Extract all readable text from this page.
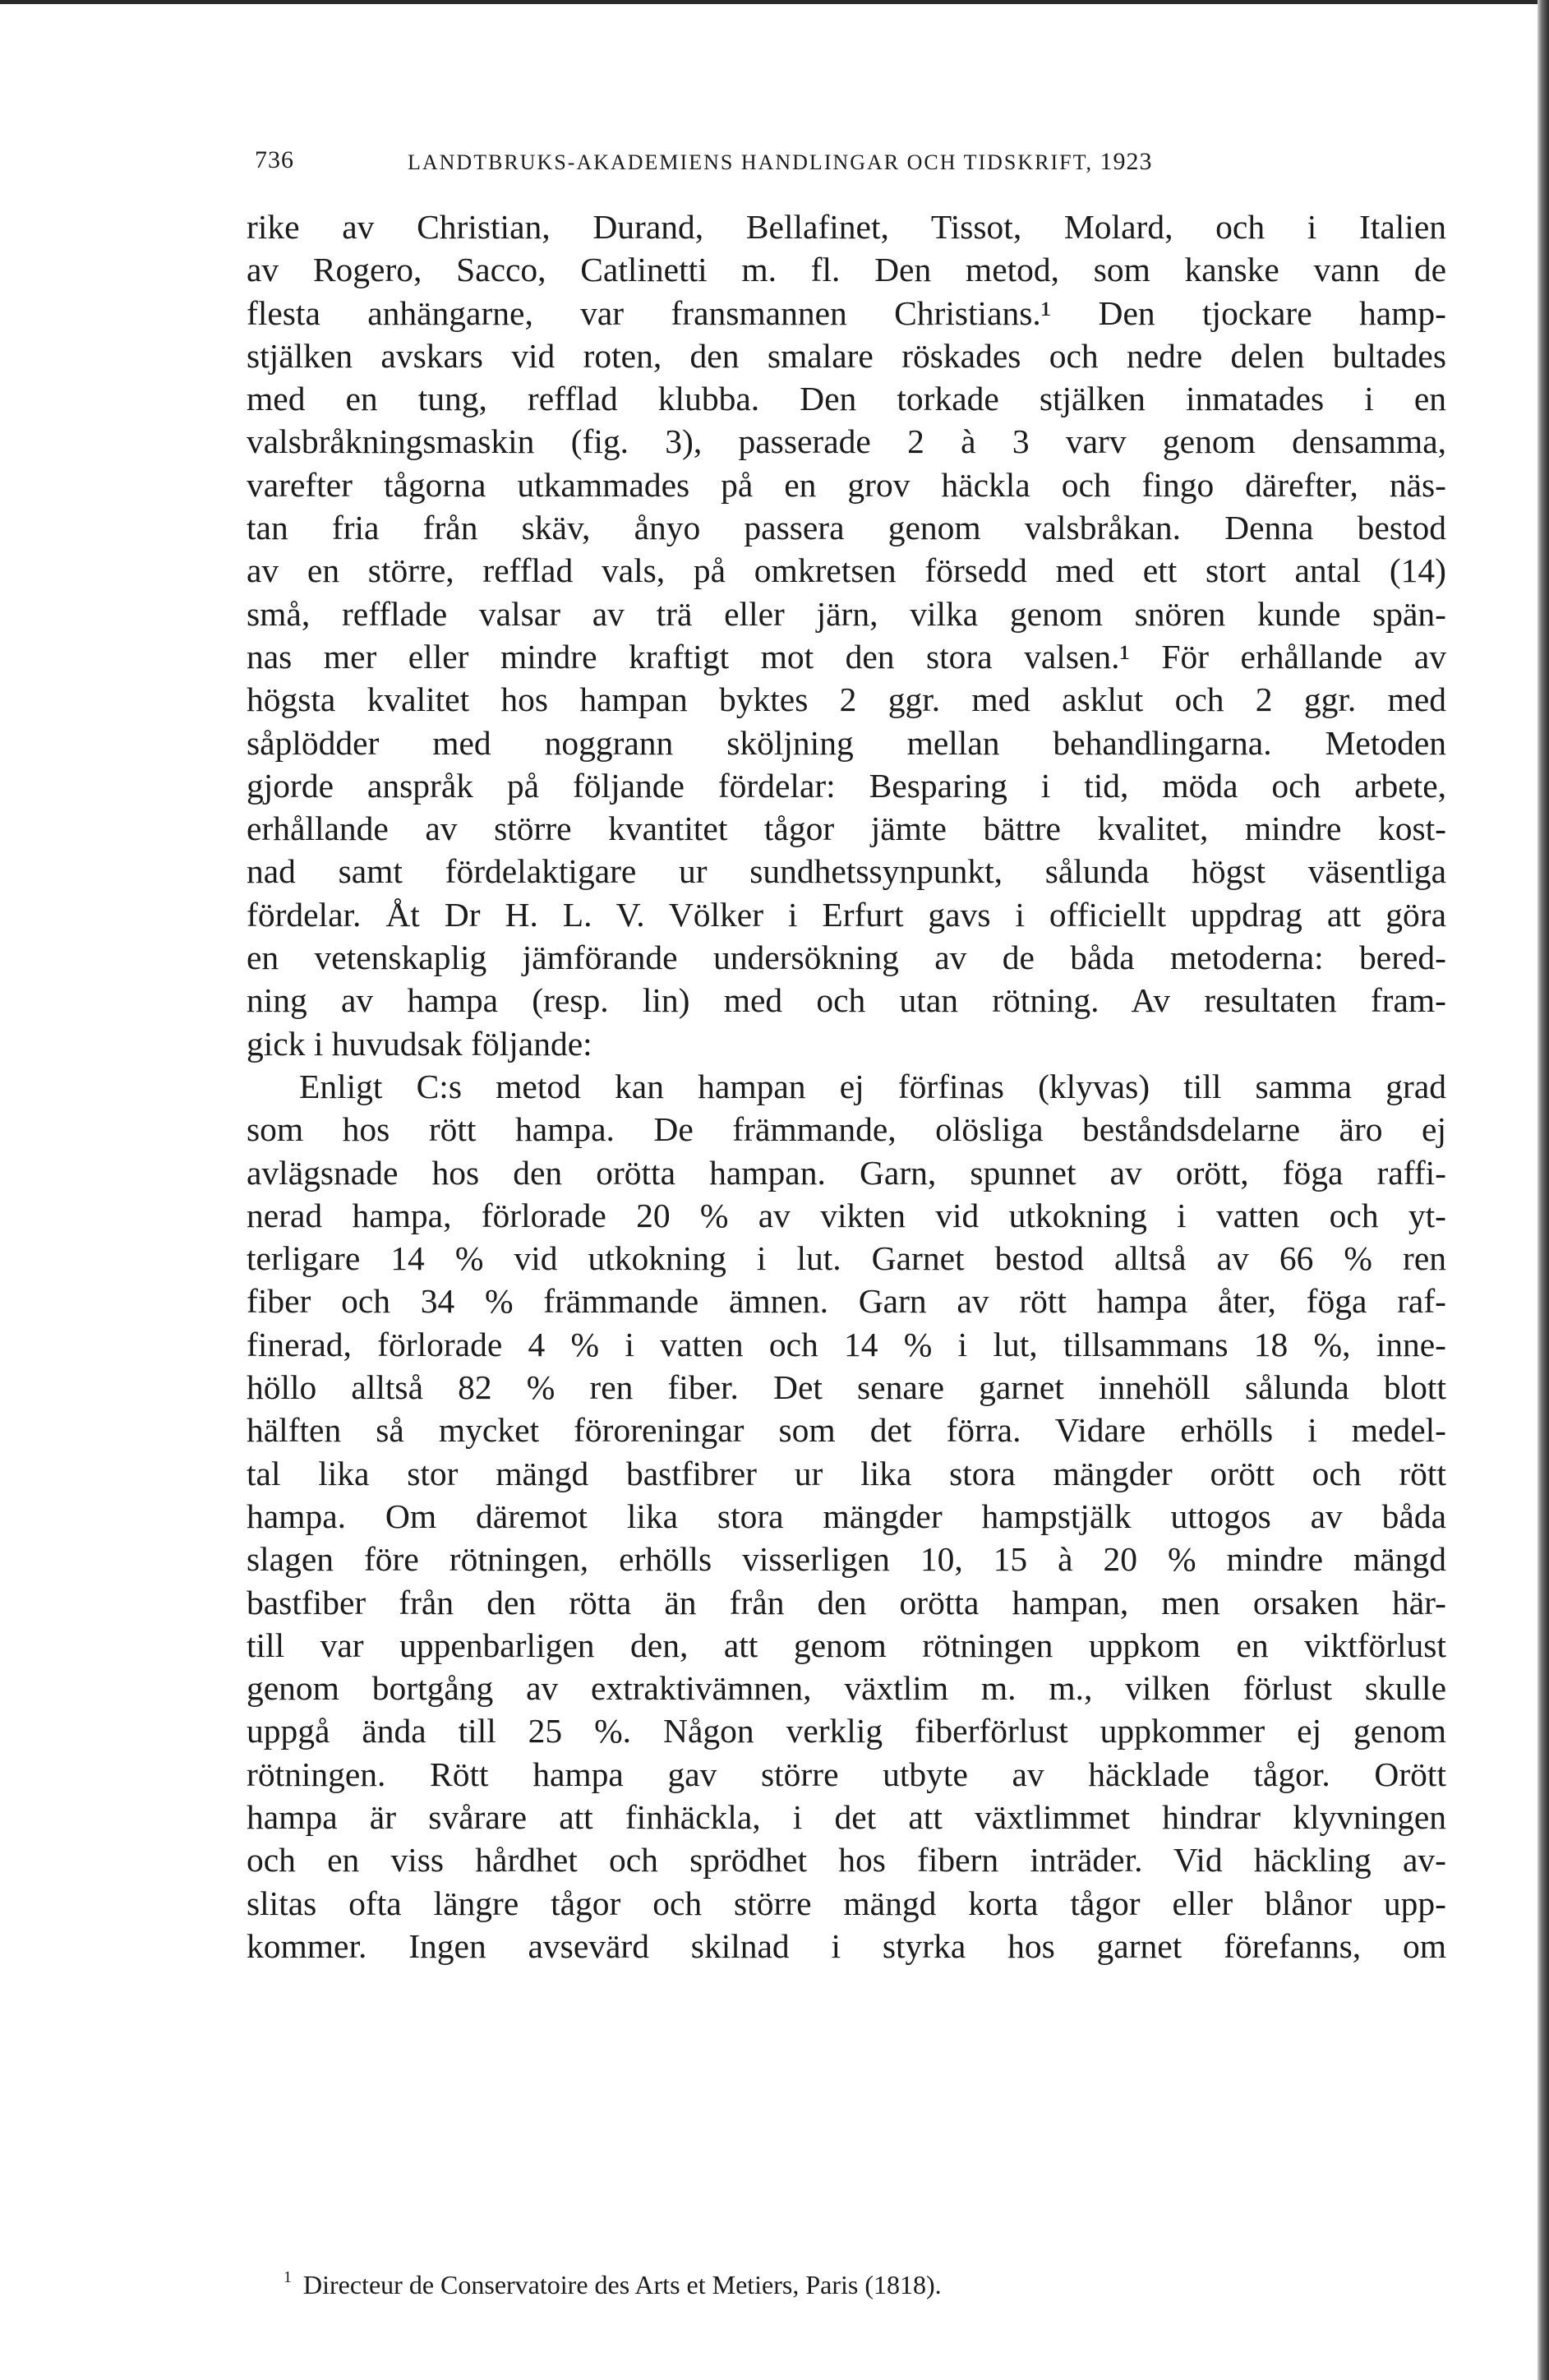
736	LANDTBRUKS-AKADEMIENS HANDLINGAR OCH TIDSKRIFT, 1923

rike av Christian, Durand, Bellafinet, Tissot, Molard, och i Italien
av Rogero, Sacco, Catlinetti m. fl. Den metod, som kanske vann de
flesta anhängarne, var fransmannen Christians.¹ Den tjockare hamp-
stjälken avskars vid roten, den smalare röskades och nedre delen bultades
med en tung, refflad klubba. Den torkade stjälken inmatades i en
valsbråkningsmaskin (fig. 3), passerade 2 à 3 varv genom densamma,
varefter tågorna utkammades på en grov häckla och fingo därefter, näs-
tan fria från skäv, ånyo passera genom valsbråkan. Denna bestod
av en större, refflad vals, på omkretsen försedd med ett stort antal (14)
små, refflade valsar av trä eller järn, vilka genom snören kunde spän-
nas mer eller mindre kraftigt mot den stora valsen.¹ För erhållande av
högsta kvalitet hos hampan byktes 2 ggr. med asklut och 2 ggr. med
såplödder med noggrann sköljning mellan behandlingarna. Metoden
gjorde anspråk på följande fördelar: Besparing i tid, möda och arbete,
erhållande av större kvantitet tågor jämte bättre kvalitet, mindre kost-
nad samt fördelaktigare ur sundhetssynpunkt, sålunda högst väsentliga
fördelar. Åt Dr H. L. V. Völker i Erfurt gavs i officiellt uppdrag att göra
en vetenskaplig jämförande undersökning av de båda metoderna: bered-
ning av hampa (resp. lin) med och utan rötning. Av resultaten fram-
gick i huvudsak följande:

Enligt C:s metod kan hampan ej förfinas (klyvas) till samma grad
som hos rött hampa. De främmande, olösliga beståndsdelarne äro ej
avlägsnade hos den orötta hampan. Garn, spunnet av orött, föga raffi-
nerad hampa, förlorade 20 % av vikten vid utkokning i vatten och yt-
terligare 14 % vid utkokning i lut. Garnet bestod alltså av 66 % ren
fiber och 34 % främmande ämnen. Garn av rött hampa åter, föga raf-
finerad, förlorade 4 % i vatten och 14 % i lut, tillsammans 18 %, inne-
höllo alltså 82 % ren fiber. Det senare garnet innehöll sålunda blott
hälften så mycket föroreningar som det förra. Vidare erhölls i medel-
tal lika stor mängd bastfibrer ur lika stora mängder orött och rött
hampa. Om däremot lika stora mängder hampstjälk uttogos av båda
slagen före rötningen, erhölls visserligen 10, 15 à 20 % mindre mängd
bastfiber från den rötta än från den orötta hampan, men orsaken här-
till var uppenbarligen den, att genom rötningen uppkom en viktförlust
genom bortgång av extraktivämnen, växtlim m. m., vilken förlust skulle
uppgå ända till 25 %. Någon verklig fiberförlust uppkommer ej genom
rötningen. Rött hampa gav större utbyte av häcklade tågor. Orött
hampa är svårare att finhäckla, i det att växtlimmet hindrar klyvningen
och en viss hårdhet och sprödhet hos fibern inträder. Vid häckling av-
slitas ofta längre tågor och större mängd korta tågor eller blånor upp-
kommer. Ingen avsevärd skilnad i styrka hos garnet förefanns, om

$^1$ Directeur de Conservatoire des Arts et Metiers, Paris (1818).
